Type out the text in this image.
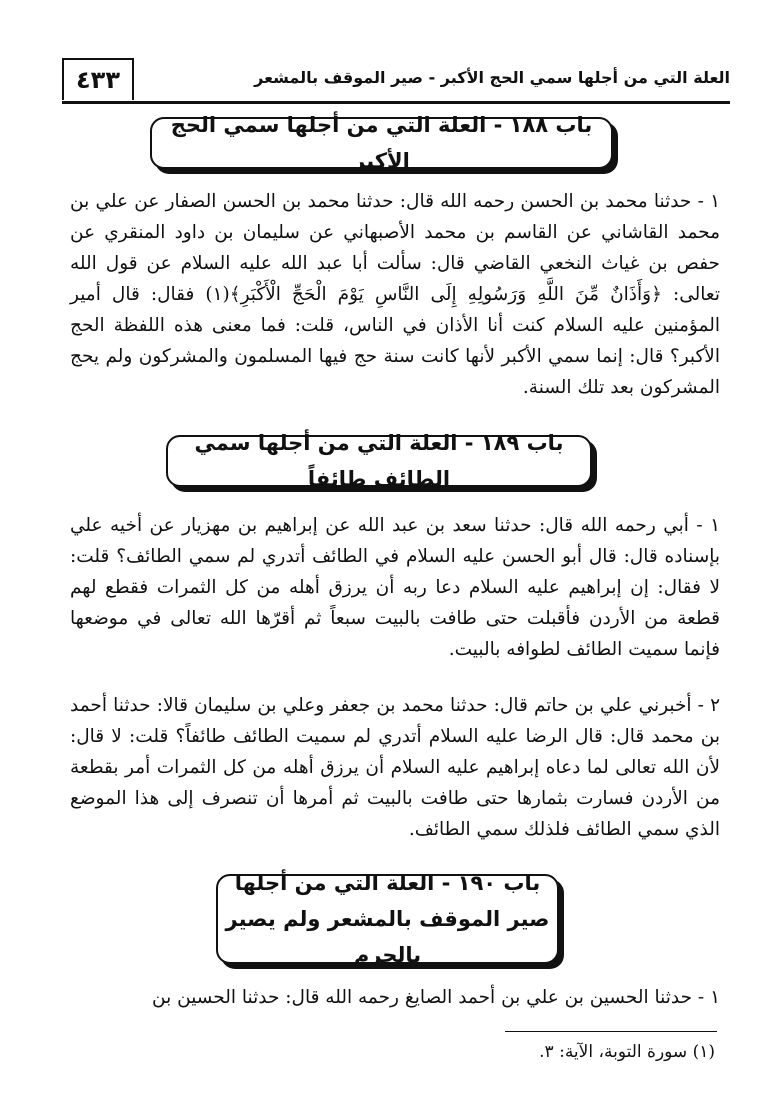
٤٣٣	العلة التي من أجلها سمي الحج الأكبر - صير الموقف بالمشعر
باب ١٨٨ - العلة التي من أجلها سمي الحج الأكبر

١ - حدثنا محمد بن الحسن رحمه الله قال: حدثنا محمد بن الحسن الصفار عن علي بن محمد القاشاني عن القاسم بن محمد الأصبهاني عن سليمان بن داود المنقري عن حفص بن غياث النخعي القاضي قال: سألت أبا عبد الله عليه السلام عن قول الله تعالى: ﴿وَأَذَانٌ مِّنَ اللَّهِ وَرَسُولِهِ إِلَى النَّاسِ يَوْمَ الْحَجِّ الْأَكْبَرِ﴾(١) فقال: قال أمير المؤمنين عليه السلام كنت أنا الأذان في الناس، قلت: فما معنى هذه اللفظة الحج الأكبر؟ قال: إنما سمي الأكبر لأنها كانت سنة حج فيها المسلمون والمشركون ولم يحج المشركون بعد تلك السنة.

باب ١٨٩ - العلة التي من أجلها سمي الطائف طائفاً

١ - أبي رحمه الله قال: حدثنا سعد بن عبد الله عن إبراهيم بن مهزيار عن أخيه علي بإسناده قال: قال أبو الحسن عليه السلام في الطائف أتدري لم سمي الطائف؟ قلت: لا فقال: إن إبراهيم عليه السلام دعا ربه أن يرزق أهله من كل الثمرات فقطع لهم قطعة من الأردن فأقبلت حتى طافت بالبيت سبعاً ثم أقرّها الله تعالى في موضعها فإنما سميت الطائف لطوافه بالبيت.

٢ - أخبرني علي بن حاتم قال: حدثنا محمد بن جعفر وعلي بن سليمان قالا: حدثنا أحمد بن محمد قال: قال الرضا عليه السلام أتدري لم سميت الطائف طائفاً؟ قلت: لا قال: لأن الله تعالى لما دعاه إبراهيم عليه السلام أن يرزق أهله من كل الثمرات أمر بقطعة من الأردن فسارت بثمارها حتى طافت بالبيت ثم أمرها أن تنصرف إلى هذا الموضع الذي سمي الطائف فلذلك سمي الطائف.

باب ١٩٠ - العلة التي من أجلها
صير الموقف بالمشعر ولم يصير بالحرم

١ - حدثنا الحسين بن علي بن أحمد الصايغ رحمه الله قال: حدثنا الحسين بن

(١) سورة التوبة، الآية: ٣.
